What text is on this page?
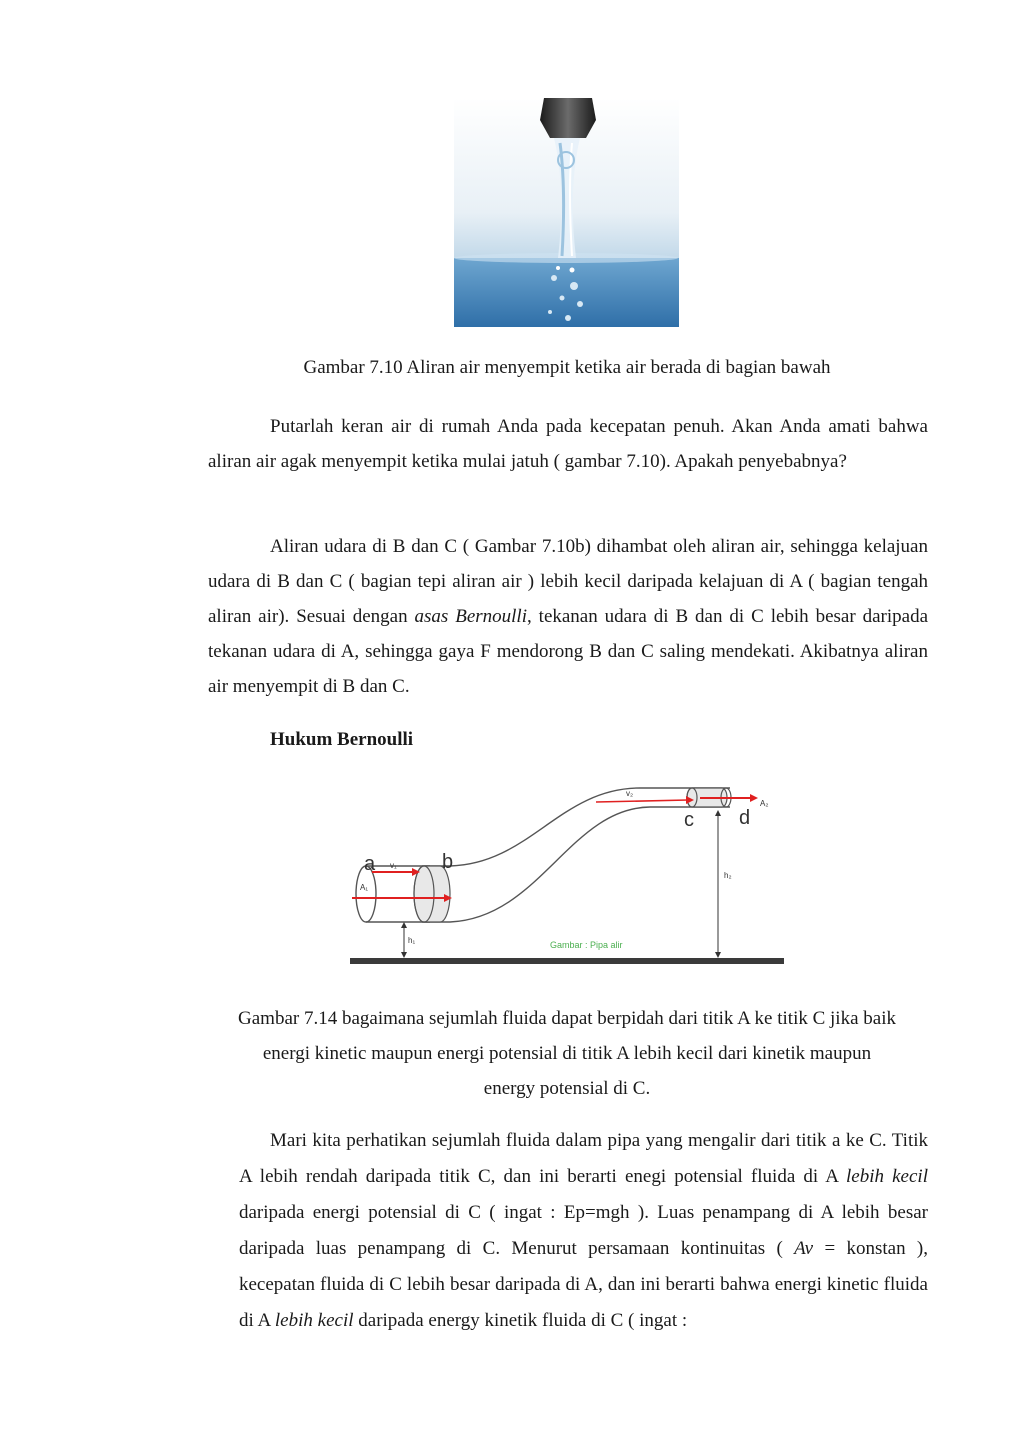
Gambar 7.10 Aliran air menyempit ketika air berada di bagian bawah
Putarlah keran air di rumah Anda pada kecepatan penuh. Akan Anda amati bahwa aliran air agak menyempit ketika mulai jatuh ( gambar 7.10). Apakah penyebabnya?
Aliran udara di B dan C ( Gambar 7.10b) dihambat oleh aliran air, sehingga kelajuan udara di B dan C ( bagian tepi aliran air ) lebih kecil daripada kelajuan di A ( bagian tengah aliran air). Sesuai dengan asas Bernoulli, tekanan udara di B dan di C lebih besar daripada tekanan udara di A, sehingga gaya F mendorong B dan C saling mendekati. Akibatnya aliran air menyempit di B dan C.
Hukum Bernoulli
a	b
c d
v₁
v₂
A₁
A₂
h₁
h₂
Gambar : Pipa alir
Gambar 7.14 bagaimana sejumlah fluida dapat berpidah dari titik A ke titik C jika baik
energi kinetic maupun energi potensial di titik A lebih kecil dari kinetik maupun
energy potensial di C.
Mari kita perhatikan sejumlah fluida dalam pipa yang mengalir dari titik a ke C. Titik A lebih rendah daripada titik C, dan ini berarti enegi potensial fluida di A lebih kecil daripada energi potensial di C ( ingat : Ep=mgh ). Luas penampang di A lebih besar daripada luas penampang di C. Menurut persamaan kontinuitas ( Av = konstan ), kecepatan fluida di C lebih besar daripada di A, dan ini berarti bahwa energi kinetic fluida di A lebih kecil daripada energy kinetik fluida di C ( ingat :
